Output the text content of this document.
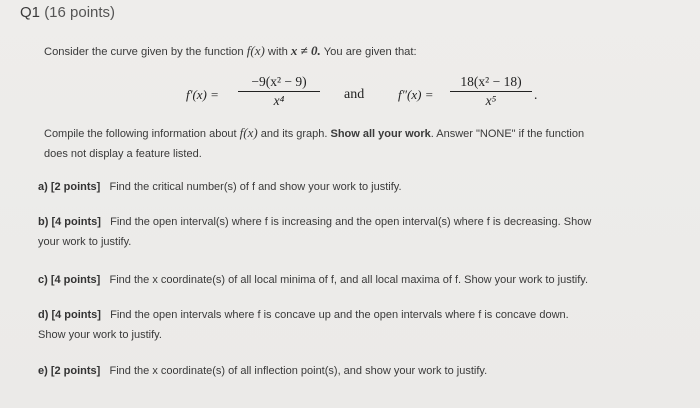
Q1 (16 points)
Consider the curve given by the function f(x) with x ≠ 0. You are given that:
f′(x) =
−9(x² − 9)
x⁴	and	f″(x) =
18(x² − 18)
x⁵	.
Compile the following information about f(x) and its graph. Show all your work. Answer "NONE" if the function
does not display a feature listed.
a) [2 points] Find the critical number(s) of f and show your work to justify.
b) [4 points] Find the open interval(s) where f is increasing and the open interval(s) where f is decreasing. Show
your work to justify.
c) [4 points] Find the x coordinate(s) of all local minima of f, and all local maxima of f. Show your work to justify.
d) [4 points] Find the open intervals where f is concave up and the open intervals where f is concave down.
Show your work to justify.
e) [2 points] Find the x coordinate(s) of all inflection point(s), and show your work to justify.
